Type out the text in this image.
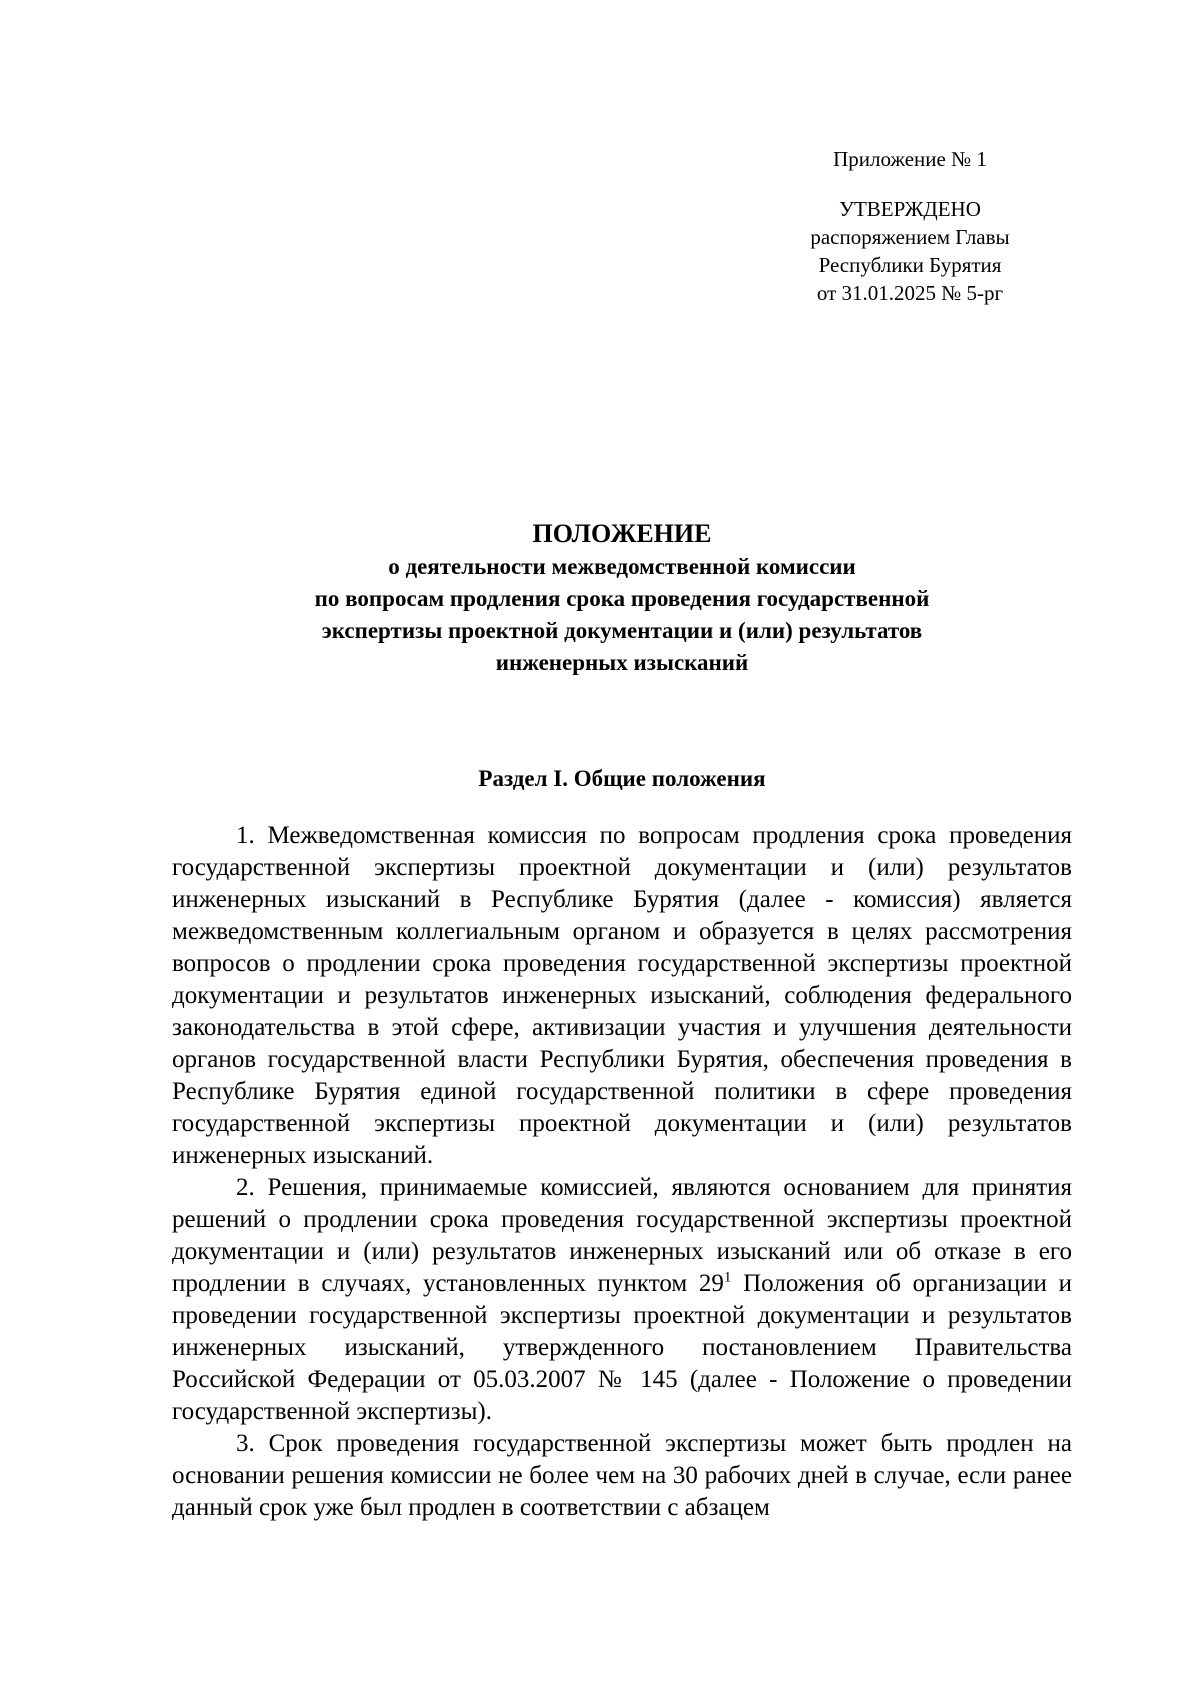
Приложение № 1
УТВЕРЖДЕНО
распоряжением Главы
Республики Бурятия
от 31.01.2025 № 5-рг
ПОЛОЖЕНИЕ
о деятельности межведомственной комиссии
по вопросам продления срока проведения государственной
экспертизы проектной документации и (или) результатов
инженерных изысканий
Раздел I. Общие положения

1. Межведомственная комиссия по вопросам продления срока проведения государственной экспертизы проектной документации и (или) результатов инженерных изысканий в Республике Бурятия (далее - комиссия) является межведомственным коллегиальным органом и образуется в целях рассмотрения вопросов о продлении срока проведения государственной экспертизы проектной документации и результатов инженерных изысканий, соблюдения федерального законодательства в этой сфере, активизации участия и улучшения деятельности органов государственной власти Республики Бурятия, обеспечения проведения в Республике Бурятия единой государственной политики в сфере проведения государственной экспертизы проектной документации и (или) результатов инженерных изысканий.

2. Решения, принимаемые комиссией, являются основанием для принятия решений о продлении срока проведения государственной экспертизы проектной документации и (или) результатов инженерных изысканий или об отказе в его продлении в случаях, установленных пунктом 29$^1$ Положения об организации и проведении государственной экспертизы проектной документации и результатов инженерных изысканий, утвержденного постановлением Правительства Российской Федерации от 05.03.2007 № 145 (далее - Положение о проведении государственной экспертизы).

3. Срок проведения государственной экспертизы может быть продлен на основании решения комиссии не более чем на 30 рабочих дней в случае, если ранее данный срок уже был продлен в соответствии с абзацем
